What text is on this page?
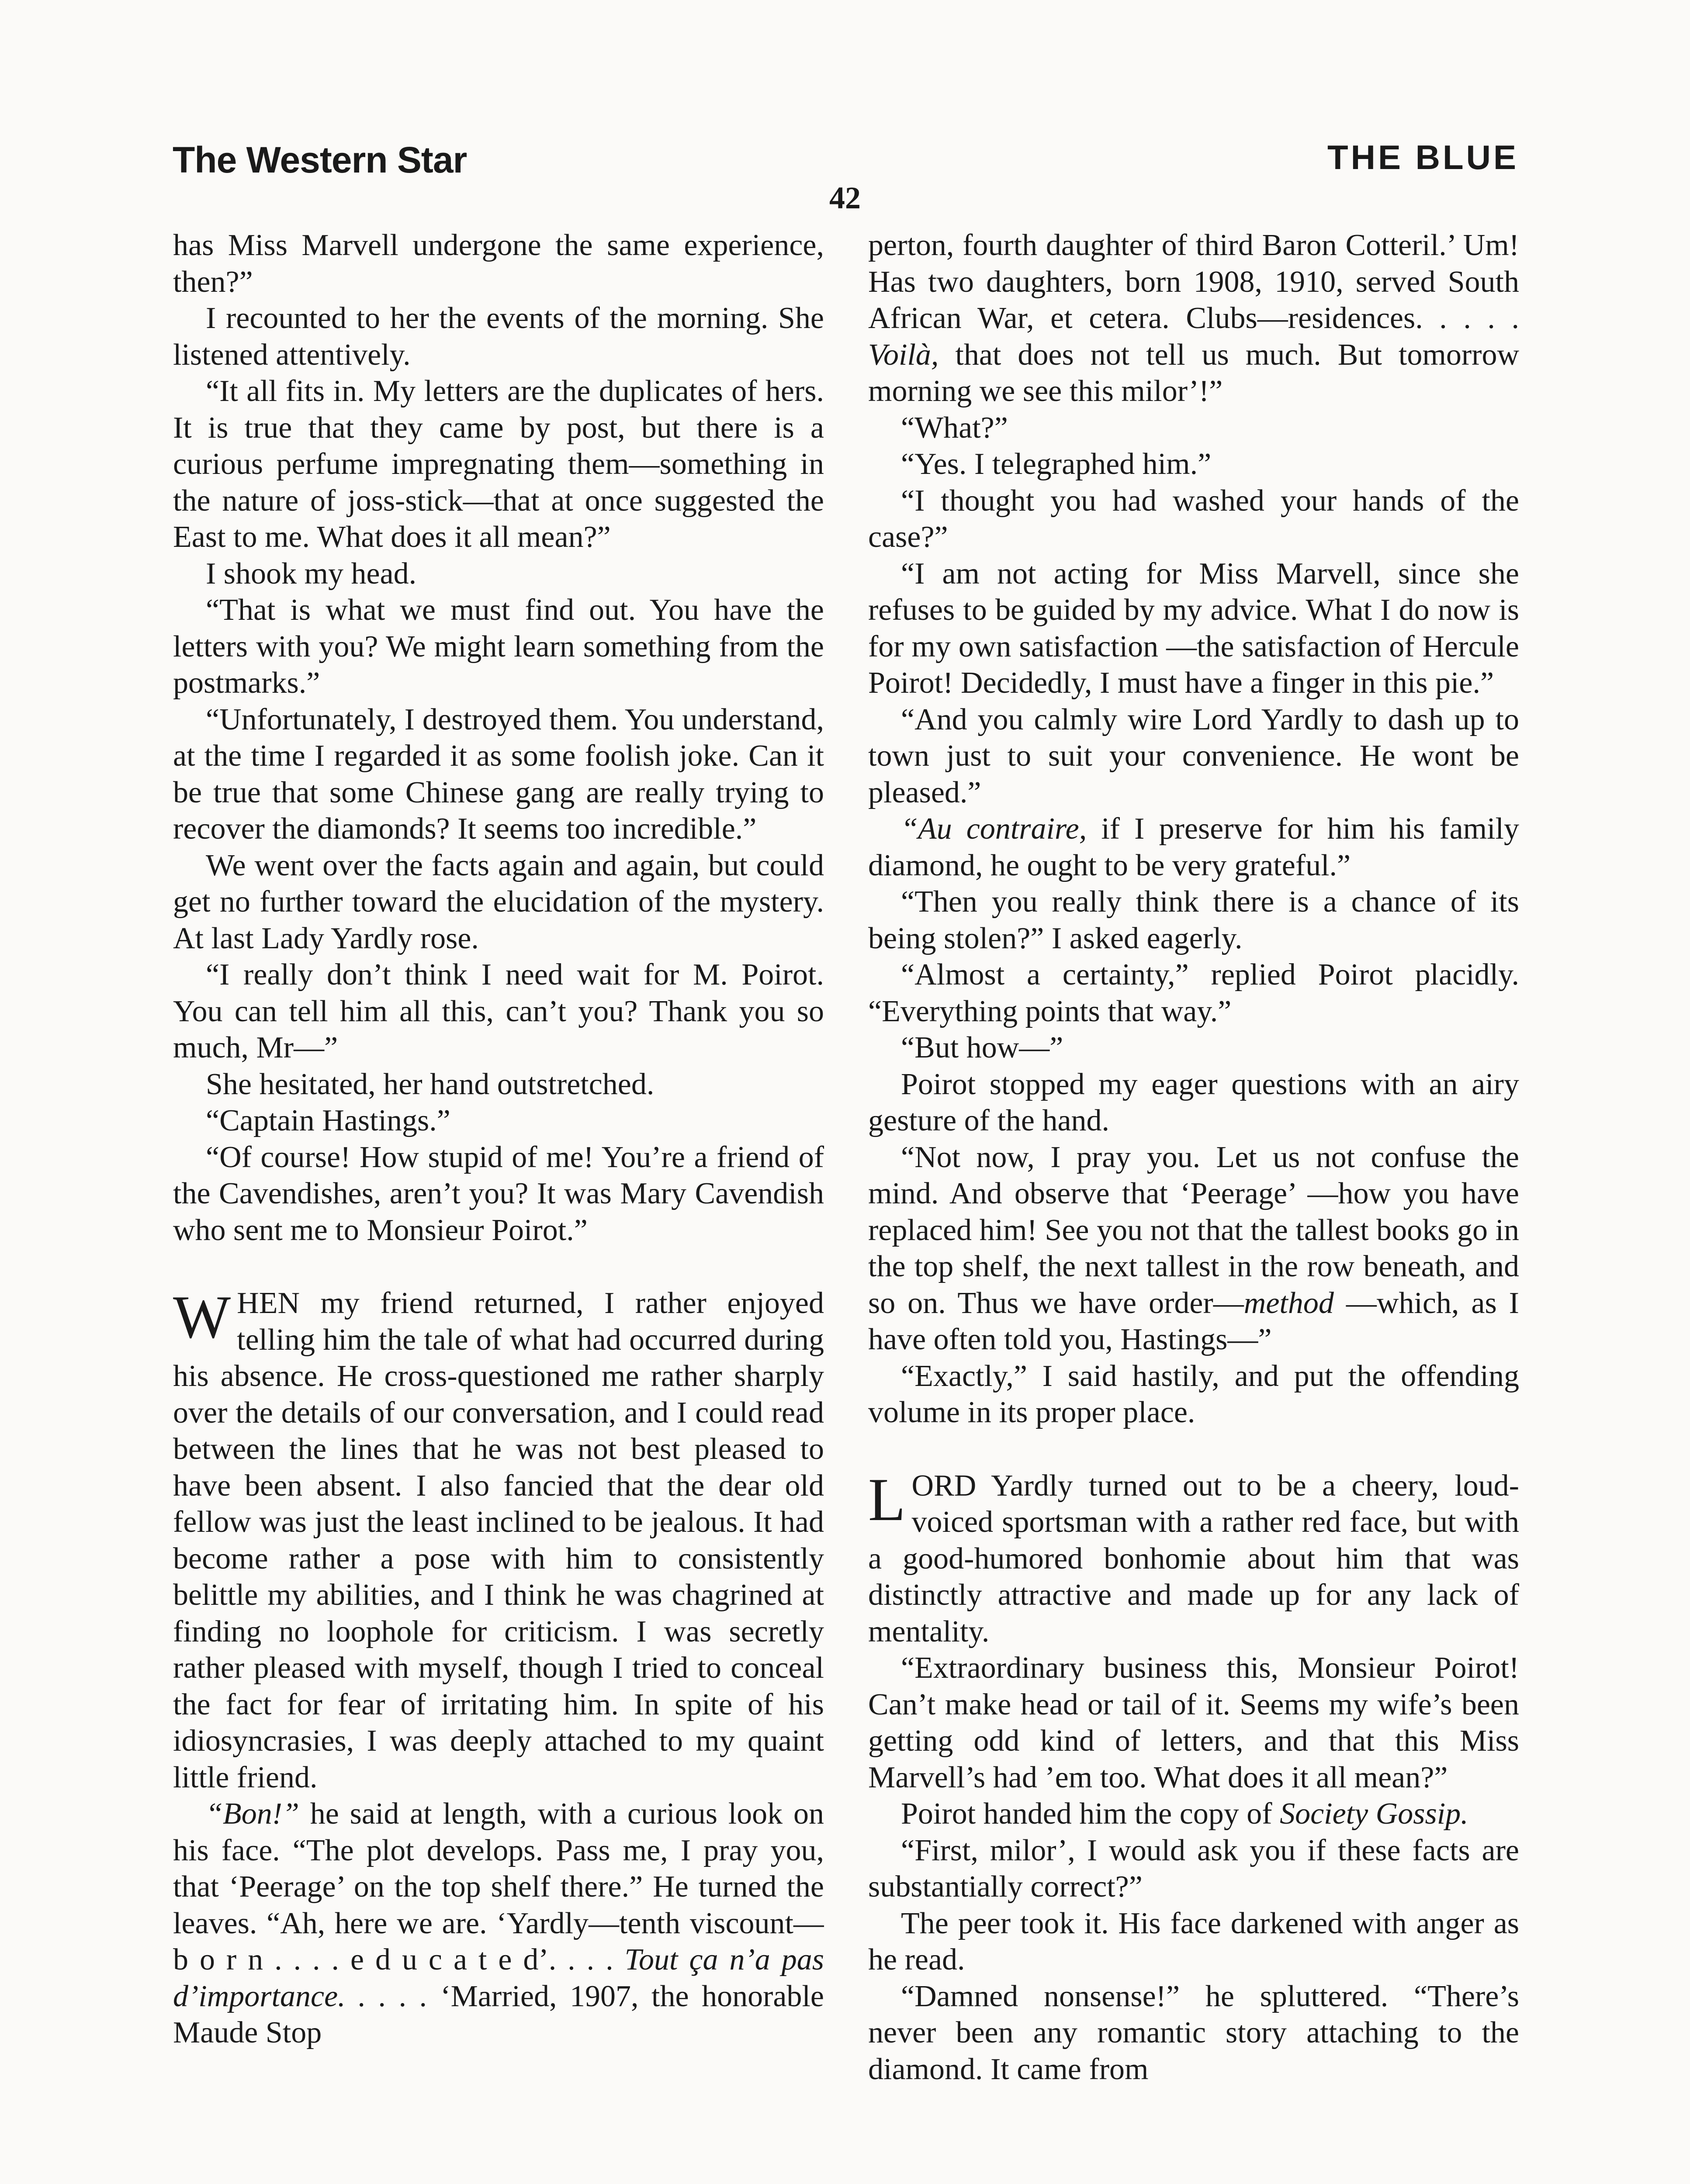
The Western Star	THE BLUE
42

has Miss Marvell undergone the same experience, then?”

I recounted to her the events of the morning. She listened attentively.

“It all fits in. My letters are the duplicates of hers. It is true that they came by post, but there is a curious perfume impregnating them—something in the nature of joss-stick—that at once suggested the East to me. What does it all mean?”

I shook my head.

“That is what we must find out. You have the letters with you? We might learn something from the postmarks.”

“Unfortunately, I destroyed them. You understand, at the time I regarded it as some foolish joke. Can it be true that some Chinese gang are really trying to recover the diamonds? It seems too incredible.”

We went over the facts again and again, but could get no further toward the elucidation of the mystery. At last Lady Yardly rose.

“I really don’t think I need wait for M. Poirot. You can tell him all this, can’t you? Thank you so much, Mr—”

She hesitated, her hand outstretched.

“Captain Hastings.”

“Of course! How stupid of me! You’re a friend of the Cavendishes, aren’t you? It was Mary Cavendish who sent me to Monsieur Poirot.”

WHEN my friend returned, I rather enjoyed telling him the tale of what had occurred during his absence. He cross-questioned me rather sharply over the details of our conversation, and I could read between the lines that he was not best pleased to have been absent. I also fancied that the dear old fellow was just the least inclined to be jealous. It had become rather a pose with him to consistently belittle my abilities, and I think he was chagrined at finding no loophole for criticism. I was secretly rather pleased with myself, though I tried to conceal the fact for fear of irritating him. In spite of his idiosyncrasies, I was deeply attached to my quaint little friend.

“Bon!” he said at length, with a curious look on his face. “The plot develops. Pass me, I pray you, that ‘Peerage’ on the top shelf there.” He turned the leaves. “Ah, here we are. ‘Yardly—tenth viscount—b o r n . . . . e d u c a t e d’. . . . Tout ça n’a pas d’importance. . . . . ‘Married, 1907, the honorable Maude Stop

perton, fourth daughter of third Baron Cotteril.’ Um! Has two daughters, born 1908, 1910, served South African War, et cetera. Clubs—residences. . . . . Voilà, that does not tell us much. But tomorrow morning we see this milor’!”

“What?”

“Yes. I telegraphed him.”

“I thought you had washed your hands of the case?”

“I am not acting for Miss Marvell, since she refuses to be guided by my advice. What I do now is for my own satisfaction —the satisfaction of Hercule Poirot! Decidedly, I must have a finger in this pie.”

“And you calmly wire Lord Yardly to dash up to town just to suit your convenience. He wont be pleased.”

“Au contraire, if I preserve for him his family diamond, he ought to be very grateful.”

“Then you really think there is a chance of its being stolen?” I asked eagerly.

“Almost a certainty,” replied Poirot placidly. “Everything points that way.”

“But how—”

Poirot stopped my eager questions with an airy gesture of the hand.

“Not now, I pray you. Let us not confuse the mind. And observe that ‘Peerage’ —how you have replaced him! See you not that the tallest books go in the top shelf, the next tallest in the row beneath, and so on. Thus we have order—method —which, as I have often told you, Hastings—”

“Exactly,” I said hastily, and put the offending volume in its proper place.

LORD Yardly turned out to be a cheery, loud-voiced sportsman with a rather red face, but with a good-humored bonhomie about him that was distinctly attractive and made up for any lack of mentality.

“Extraordinary business this, Monsieur Poirot! Can’t make head or tail of it. Seems my wife’s been getting odd kind of letters, and that this Miss Marvell’s had ’em too. What does it all mean?”

Poirot handed him the copy of Society Gossip.

“First, milor’, I would ask you if these facts are substantially correct?”

The peer took it. His face darkened with anger as he read.

“Damned nonsense!” he spluttered. “There’s never been any romantic story attaching to the diamond. It came from
